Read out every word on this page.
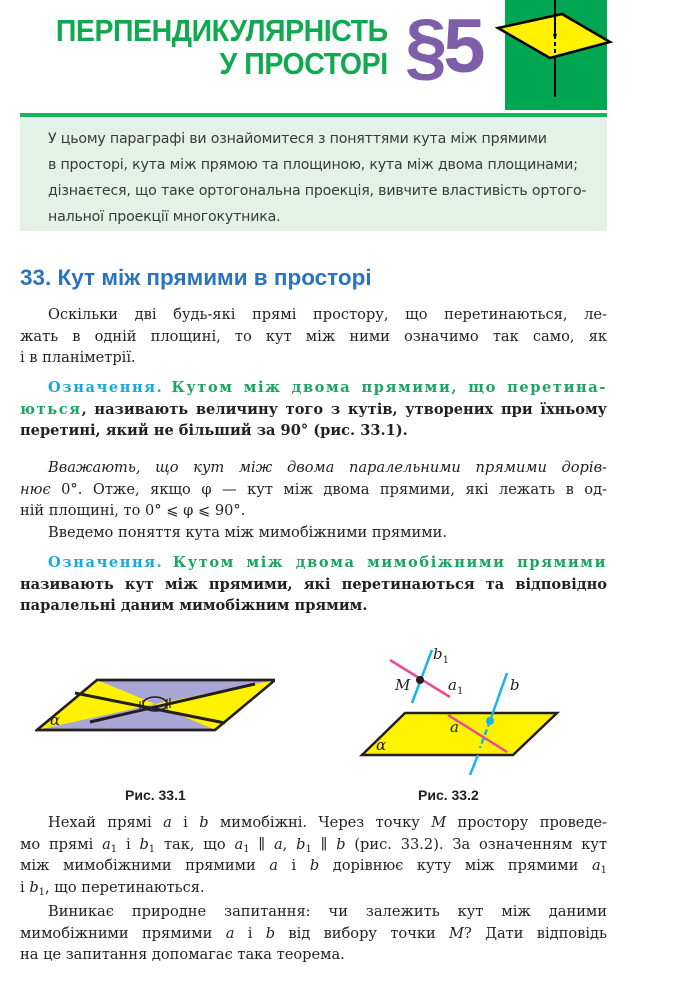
ПЕРПЕНДИКУЛЯРНІСТЬ
У ПРОСТОРІ §5
У цьому параграфі ви ознайомитеся з поняттями кута між прямими
в просторі, кута між прямою та площиною, кута між двома площинами;
дізнаєтеся, що таке ортогональна проекція, вивчите властивість ортого-
нальної проекції многокутника.
33. Кут між прямими в просторі
Оскільки дві будь-які прямі простору, що перетинаються, ле-
жать в одній площині, то кут між ними означимо так само, як
і в планіметрії.
Означення. Кутом між двома прямими, що перетина-
ються, називають величину того з кутів, утворених при їхньому
перетині, який не більший за 90° (рис. 33.1).
Вважають, що кут між двома паралельними прямими дорів-
нює 0°. Отже, якщо φ — кут між двома прямими, які лежать в од-
ній площині, то 0° ⩽ φ ⩽ 90°.
Введемо поняття кута між мимобіжними прямими.
Означення. Кутом між двома мимобіжними прямими
називають кут між прямими, які перетинаються та відповідно
паралельні даним мимобіжним прямим.
α
Рис. 33.1
$b_1$
M	$a_1$	b
a
α
Рис. 33.2
Нехай прямі a і b мимобіжні. Через точку M простору проведе-
мо прямі $a_1$ і $b_1$ так, що $a_1$ ∥ a, $b_1$ ∥ b (рис. 33.2). За означенням кут
між мимобіжними прямими a і b дорівнює куту між прямими $a_1$
і $b_1$, що перетинаються.
Виникає природне запитання: чи залежить кут між даними
мимобіжними прямими a і b від вибору точки M? Дати відповідь
на це запитання допомагає така теорема.
